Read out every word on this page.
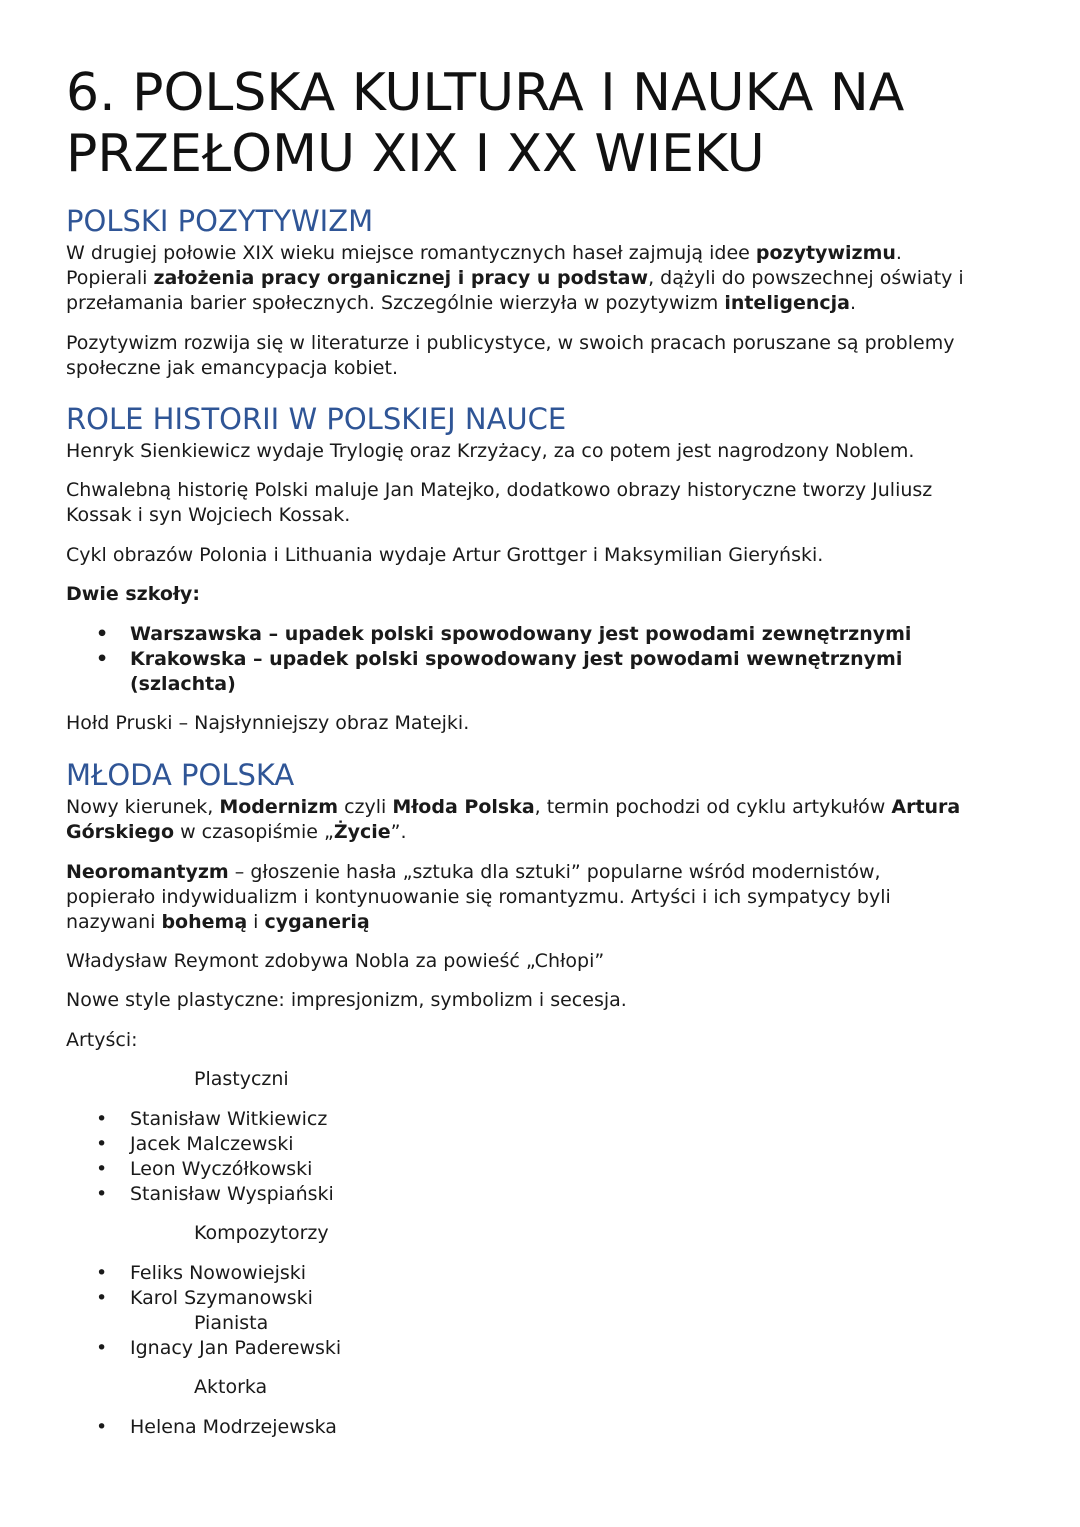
6. POLSKA KULTURA I NAUKA NA
PRZEŁOMU XIX I XX WIEKU
POLSKI POZYTYWIZM

W drugiej połowie XIX wieku miejsce romantycznych haseł zajmują idee pozytywizmu.
Popierali założenia pracy organicznej i pracy u podstaw, dążyli do powszechnej oświaty i
przełamania barier społecznych. Szczególnie wierzyła w pozytywizm inteligencja.

Pozytywizm rozwija się w literaturze i publicystyce, w swoich pracach poruszane są problemy
społeczne jak emancypacja kobiet.

ROLE HISTORII W POLSKIEJ NAUCE

Henryk Sienkiewicz wydaje Trylogię oraz Krzyżacy, za co potem jest nagrodzony Noblem.

Chwalebną historię Polski maluje Jan Matejko, dodatkowo obrazy historyczne tworzy Juliusz
Kossak i syn Wojciech Kossak.

Cykl obrazów Polonia i Lithuania wydaje Artur Grottger i Maksymilian Gieryński.

Dwie szkoły:

• Warszawska – upadek polski spowodowany jest powodami zewnętrznymi
• Krakowska – upadek polski spowodowany jest powodami wewnętrznymi
(szlachta)

Hołd Pruski – Najsłynniejszy obraz Matejki.

MŁODA POLSKA

Nowy kierunek, Modernizm czyli Młoda Polska, termin pochodzi od cyklu artykułów Artura
Górskiego w czasopiśmie „Życie”.

Neoromantyzm – głoszenie hasła „sztuka dla sztuki” popularne wśród modernistów,
popierało indywidualizm i kontynuowanie się romantyzmu. Artyści i ich sympatycy byli
nazywani bohemą i cyganerią

Władysław Reymont zdobywa Nobla za powieść „Chłopi”

Nowe style plastyczne: impresjonizm, symbolizm i secesja.

Artyści:

Plastyczni

• Stanisław Witkiewicz
• Jacek Malczewski
• Leon Wyczółkowski
• Stanisław Wyspiański

Kompozytorzy

• Feliks Nowowiejski
• Karol Szymanowski

Pianista

• Ignacy Jan Paderewski

Aktorka

• Helena Modrzejewska
